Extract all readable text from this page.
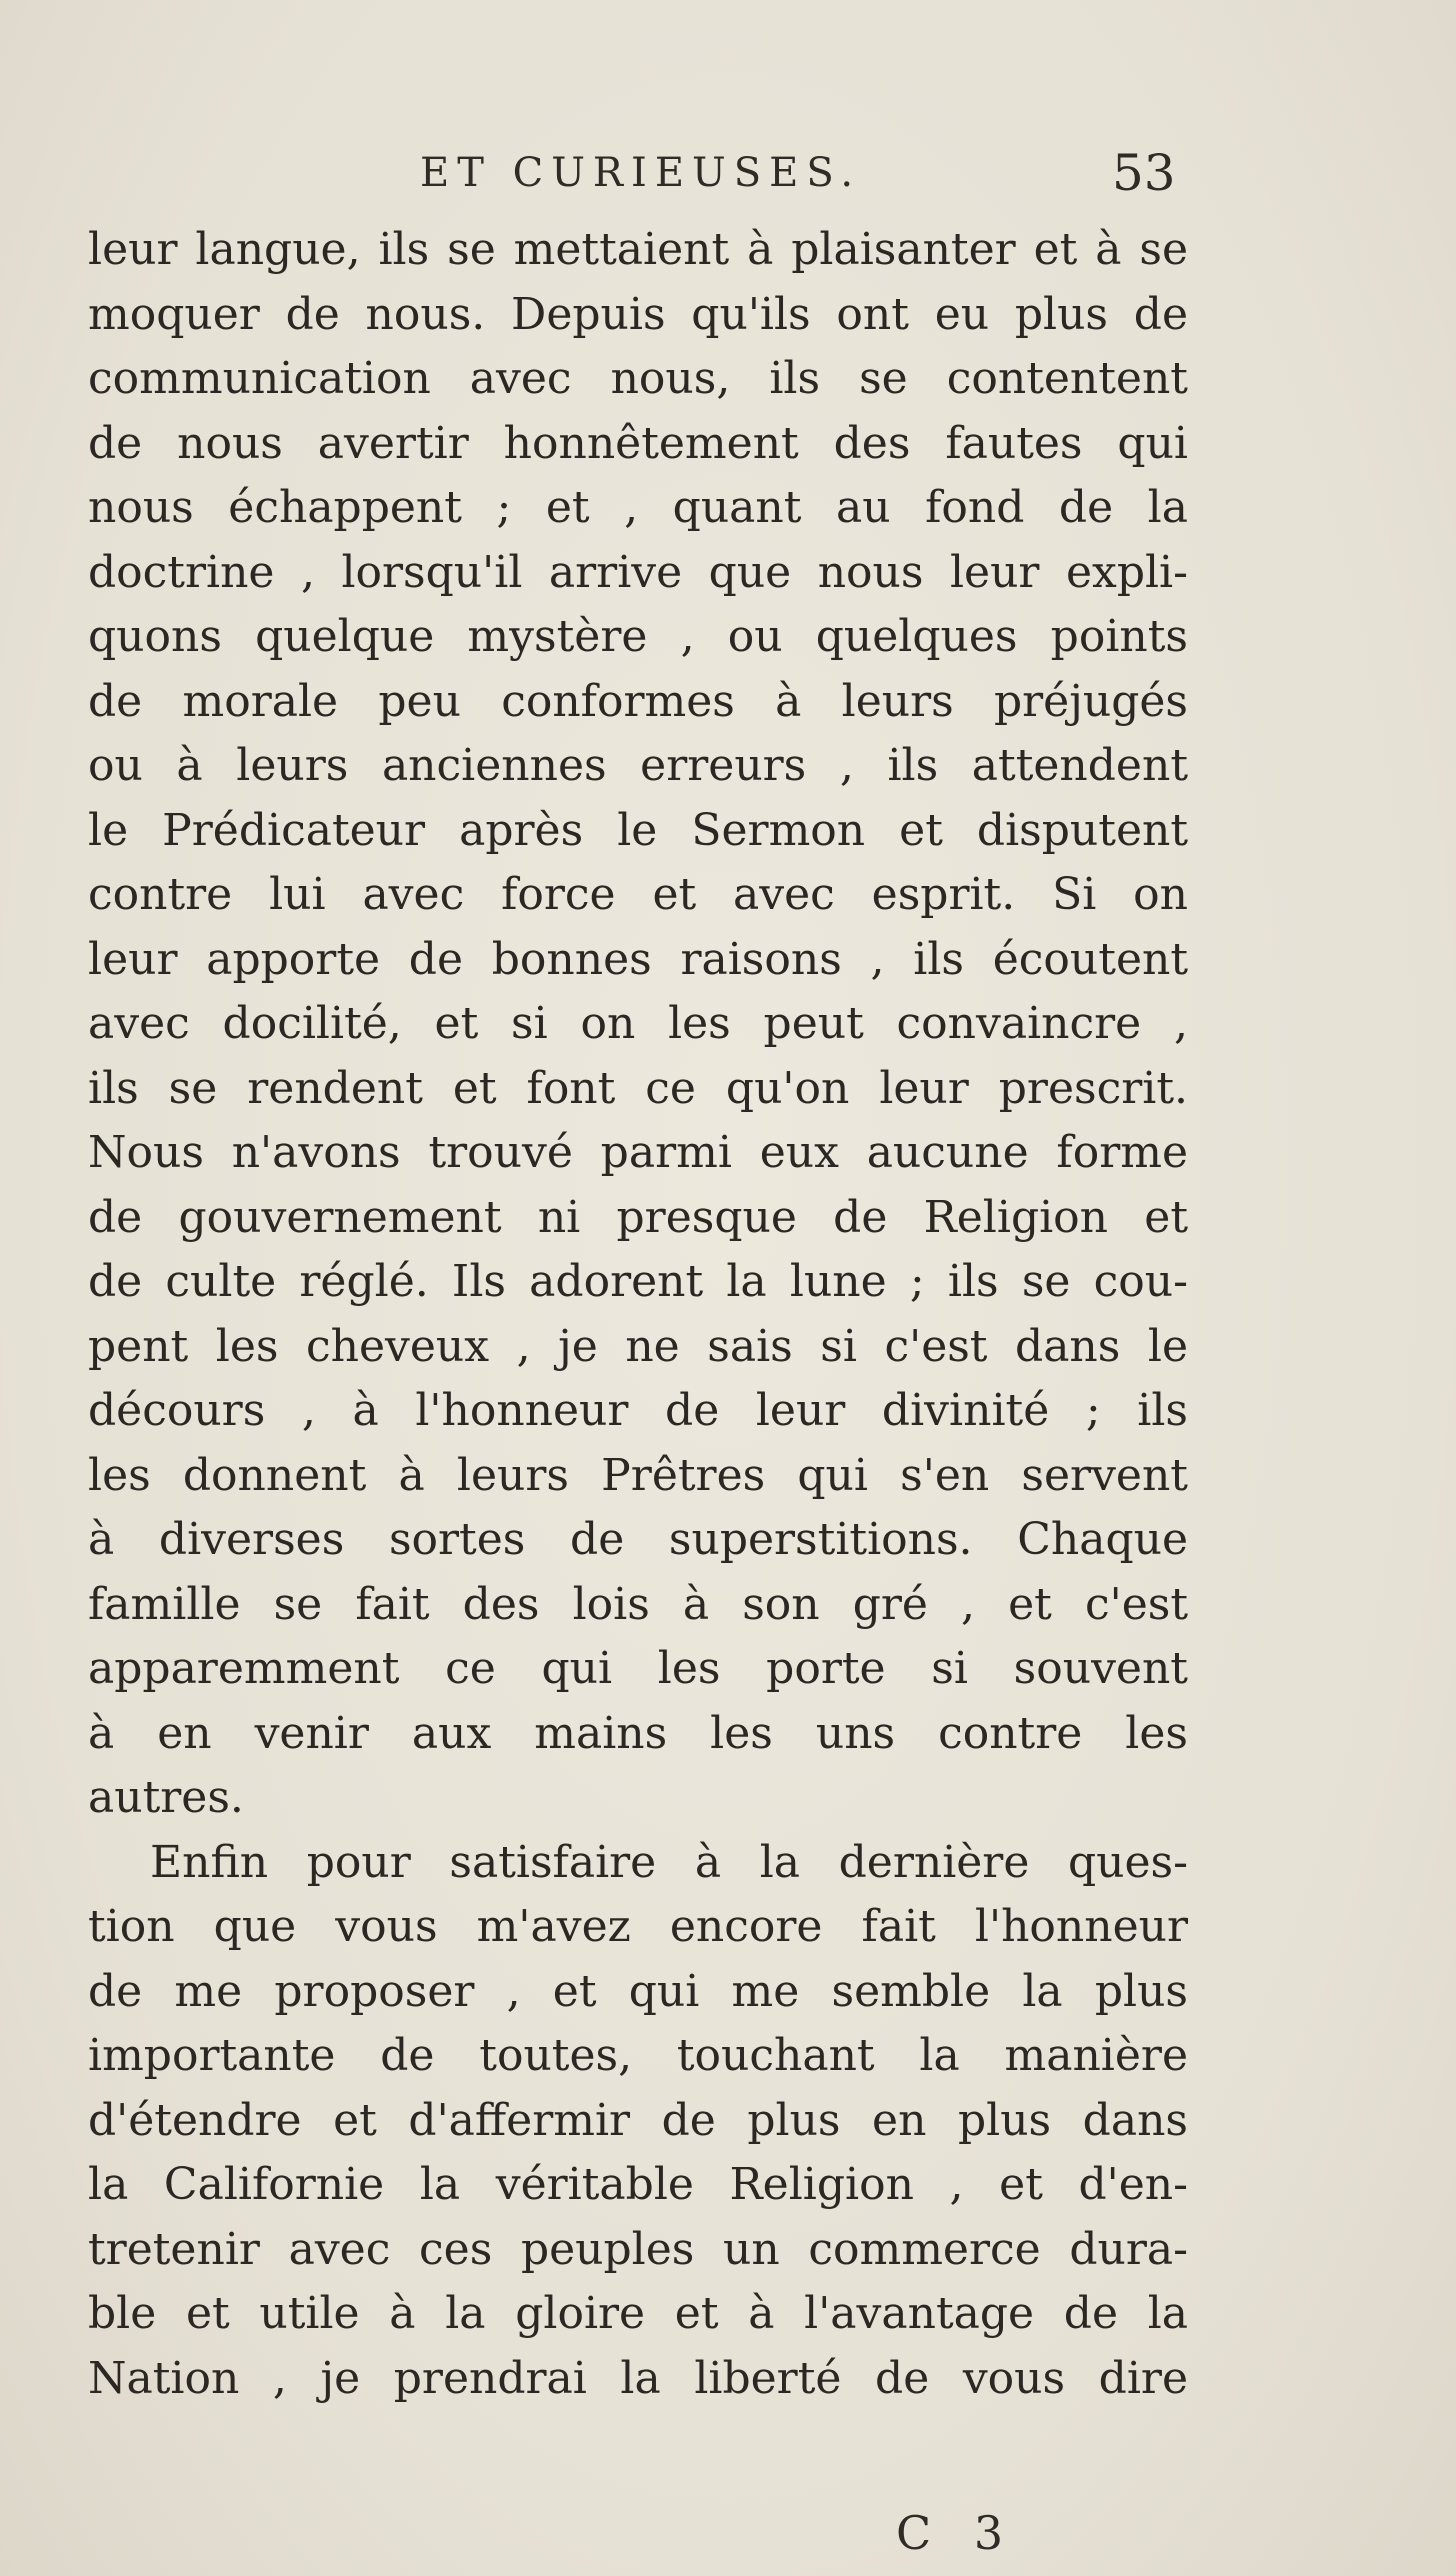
ET CURIEUSES.	53
leur langue, ils se mettaient à plaisanter et à se
moquer de nous. Depuis qu'ils ont eu plus de
communication avec nous, ils se contentent
de nous avertir honnêtement des fautes qui
nous échappent ; et , quant au fond de la
doctrine , lorsqu'il arrive que nous leur expli-
quons quelque mystère , ou quelques points
de morale peu conformes à leurs préjugés
ou à leurs anciennes erreurs , ils attendent
le Prédicateur après le Sermon et disputent
contre lui avec force et avec esprit. Si on
leur apporte de bonnes raisons , ils écoutent
avec docilité, et si on les peut convaincre ,
ils se rendent et font ce qu'on leur prescrit.
Nous n'avons trouvé parmi eux aucune forme
de gouvernement ni presque de Religion et
de culte réglé. Ils adorent la lune ; ils se cou-
pent les cheveux , je ne sais si c'est dans le
décours , à l'honneur de leur divinité ; ils
les donnent à leurs Prêtres qui s'en servent
à diverses sortes de superstitions. Chaque
famille se fait des lois à son gré , et c'est
apparemment ce qui les porte si souvent
à en venir aux mains les uns contre les
autres.
Enfin pour satisfaire à la dernière ques-
tion que vous m'avez encore fait l'honneur
de me proposer , et qui me semble la plus
importante de toutes, touchant la manière
d'étendre et d'affermir de plus en plus dans
la Californie la véritable Religion , et d'en-
tretenir avec ces peuples un commerce dura-
ble et utile à la gloire et à l'avantage de la
Nation , je prendrai la liberté de vous dire
C 3
